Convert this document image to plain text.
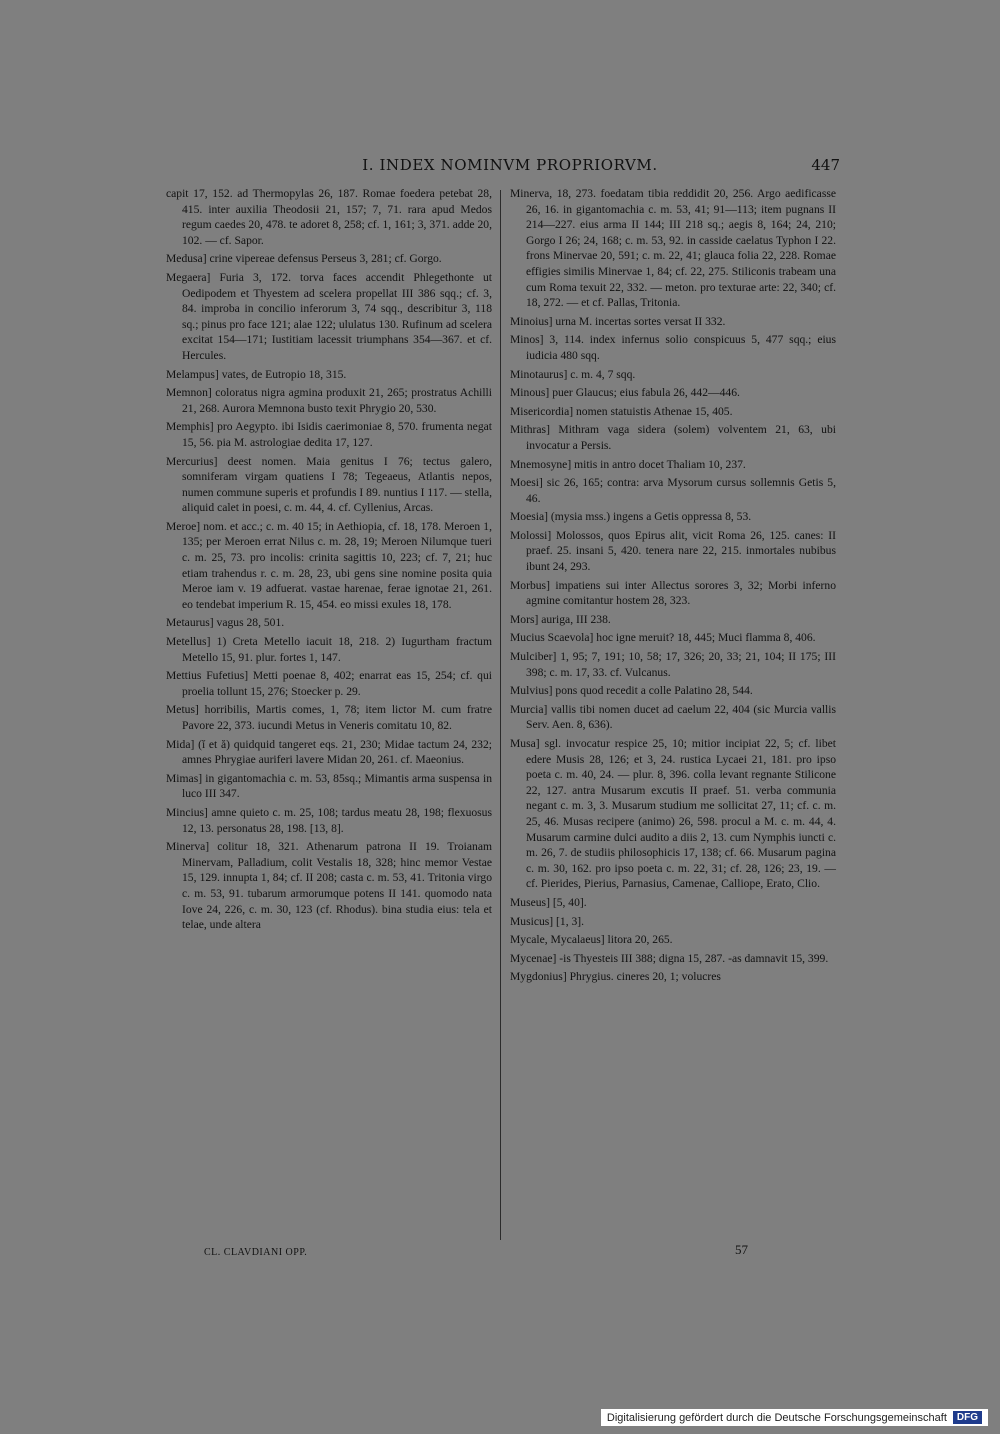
I. INDEX NOMINVM PROPRIORVM.	447
capit 17, 152. ad Thermopylas 26, 187. Romae foedera petebat 28, 415. inter auxilia Theodosii 21, 157; 7, 71. rara apud Medos regum caedes 20, 478. te adoret 8, 258; cf. 1, 161; 3, 371. adde 20, 102. — cf. Sapor.
Medusa] crine vipereae defensus Perseus 3, 281; cf. Gorgo.
Megaera] Furia 3, 172. torva faces accendit Phlegethonte ut Oedipodem et Thyestem ad scelera propellat III 386 sqq.; cf. 3, 84. improba in concilio inferorum 3, 74 sqq., describitur 3, 118 sq.; pinus pro face 121; alae 122; ululatus 130. Rufinum ad scelera excitat 154—171; Iustitiam lacessit triumphans 354—367. et cf. Hercules.
Melampus] vates, de Eutropio 18, 315.
Memnon] coloratus nigra agmina produxit 21, 265; prostratus Achilli 21, 268. Aurora Memnona busto texit Phrygio 20, 530.
Memphis] pro Aegypto. ibi Isidis caerimoniae 8, 570. frumenta negat 15, 56. pia M. astrologiae dedita 17, 127.
Mercurius] deest nomen. Maia genitus I 76; tectus galero, somniferam virgam quatiens I 78; Tegeaeus, Atlantis nepos, numen commune superis et profundis I 89. nuntius I 117. — stella, aliquid calet in poesi, c. m. 44, 4. cf. Cyllenius, Arcas.
Meroe] nom. et acc.; c. m. 40 15; in Aethiopia, cf. 18, 178. Meroen 1, 135; per Meroen errat Nilus c. m. 28, 19; Meroen Nilumque tueri c. m. 25, 73. pro incolis: crinita sagittis 10, 223; cf. 7, 21; huc etiam trahendus r. c. m. 28, 23, ubi gens sine nomine posita quia Meroe iam v. 19 adfuerat. vastae harenae, ferae ignotae 21, 261. eo tendebat imperium R. 15, 454. eo missi exules 18, 178.
Metaurus] vagus 28, 501.
Metellus] 1) Creta Metello iacuit 18, 218. 2) Iugurtham fractum Metello 15, 91. plur. fortes 1, 147.
Mettius Fufetius] Metti poenae 8, 402; enarrat eas 15, 254; cf. qui proelia tollunt 15, 276; Stoecker p. 29.
Metus] horribilis, Martis comes, 1, 78; item lictor M. cum fratre Pavore 22, 373. iucundi Metus in Veneris comitatu 10, 82.
Mida] (ĭ et ă) quidquid tangeret eqs. 21, 230; Midae tactum 24, 232; amnes Phrygiae auriferi lavere Midan 20, 261. cf. Maeonius.
Mimas] in gigantomachia c. m. 53, 85sq.; Mimantis arma suspensa in luco III 347.
Mincius] amne quieto c. m. 25, 108; tardus meatu 28, 198; flexuosus 12, 13. personatus 28, 198. [13, 8].
Minerva] colitur 18, 321. Athenarum patrona II 19. Troianam Minervam, Palladium, colit Vestalis 18, 328; hinc memor Vestae 15, 129. innupta 1, 84; cf. II 208; casta c. m. 53, 41. Tritonia virgo c. m. 53, 91. tubarum armorumque potens II 141. quomodo nata Iove 24, 226, c. m. 30, 123 (cf. Rhodus). bina studia eius: tela et telae, unde altera
Minerva, 18, 273. foedatam tibia reddidit 20, 256. Argo aedificasse 26, 16. in gigantomachia c. m. 53, 41; 91—113; item pugnans II 214—227. eius arma II 144; III 218 sq.; aegis 8, 164; 24, 210; Gorgo I 26; 24, 168; c. m. 53, 92. in casside caelatus Typhon I 22. frons Minervae 20, 591; c. m. 22, 41; glauca folia 22, 228. Romae effigies similis Minervae 1, 84; cf. 22, 275. Stiliconis trabeam una cum Roma texuit 22, 332. — meton. pro texturae arte: 22, 340; cf. 18, 272. — et cf. Pallas, Tritonia.
Minoius] urna M. incertas sortes versat II 332.
Minos] 3, 114. index infernus solio conspicuus 5, 477 sqq.; eius iudicia 480 sqq.
Minotaurus] c. m. 4, 7 sqq.
Minous] puer Glaucus; eius fabula 26, 442—446.
Misericordia] nomen statuistis Athenae 15, 405.
Mithras] Mithram vaga sidera (solem) volventem 21, 63, ubi invocatur a Persis.
Mnemosyne] mitis in antro docet Thaliam 10, 237.
Moesi] sic 26, 165; contra: arva Mysorum cursus sollemnis Getis 5, 46.
Moesia] (mysia mss.) ingens a Getis oppressa 8, 53.
Molossi] Molossos, quos Epirus alit, vicit Roma 26, 125. canes: II praef. 25. insani 5, 420. tenera nare 22, 215. inmortales nubibus ibunt 24, 293.
Morbus] impatiens sui inter Allectus sorores 3, 32; Morbi inferno agmine comitantur hostem 28, 323.
Mors] auriga, III 238.
Mucius Scaevola] hoc igne meruit? 18, 445; Muci flamma 8, 406.
Mulciber] 1, 95; 7, 191; 10, 58; 17, 326; 20, 33; 21, 104; II 175; III 398; c. m. 17, 33. cf. Vulcanus.
Mulvius] pons quod recedit a colle Palatino 28, 544.
Murcia] vallis tibi nomen ducet ad caelum 22, 404 (sic Murcia vallis Serv. Aen. 8, 636).
Musa] sgl. invocatur respice 25, 10; mitior incipiat 22, 5; cf. libet edere Musis 28, 126; et 3, 24. rustica Lycaei 21, 181. pro ipso poeta c. m. 40, 24. — plur. 8, 396. colla levant regnante Stilicone 22, 127. antra Musarum excutis II praef. 51. verba communia negant c. m. 3, 3. Musarum studium me sollicitat 27, 11; cf. c. m. 25, 46. Musas recipere (animo) 26, 598. procul a M. c. m. 44, 4. Musarum carmine dulci audito a diis 2, 13. cum Nymphis iuncti c. m. 26, 7. de studiis philosophicis 17, 138; cf. 66. Musarum pagina c. m. 30, 162. pro ipso poeta c. m. 22, 31; cf. 28, 126; 23, 19. — cf. Pierides, Pierius, Parnasius, Camenae, Calliope, Erato, Clio.
Museus] [5, 40].
Musicus] [1, 3].
Mycale, Mycalaeus] litora 20, 265.
Mycenae] -is Thyesteis III 388; digna 15, 287. -as damnavit 15, 399.
Mygdonius] Phrygius. cineres 20, 1; volucres
CL. CLAVDIANI OPP.	57
Digitalisierung gefördert durch die Deutsche Forschungsgemeinschaft	DFG
